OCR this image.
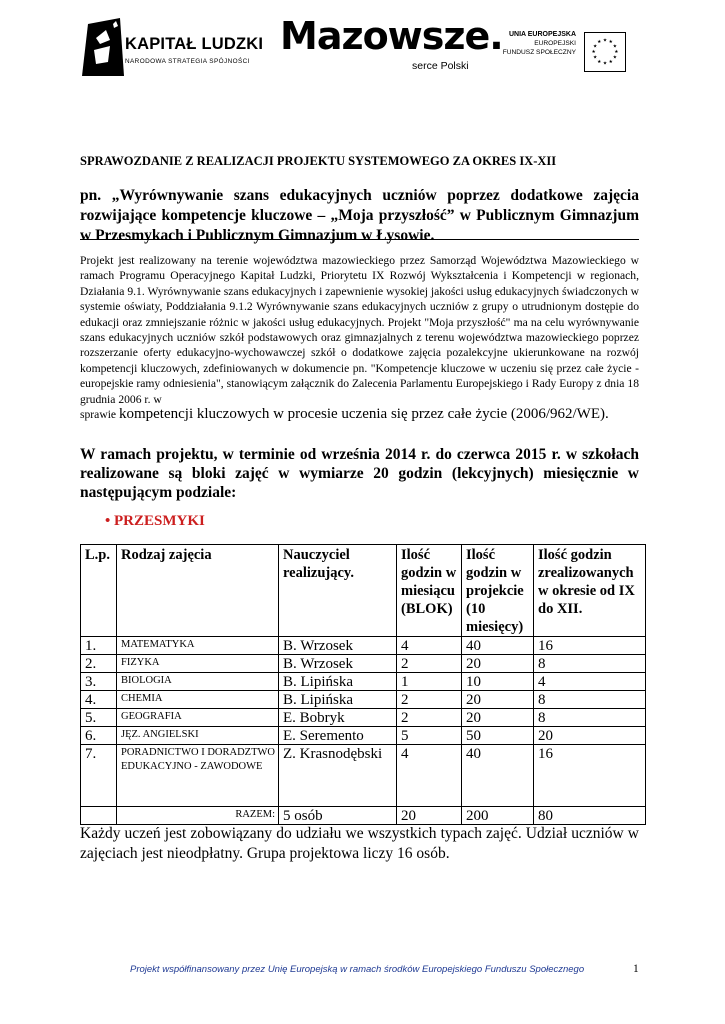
KAPITAŁ LUDZKI
NARODOWA STRATEGIA SPÓJNOŚCI
Mazowsze.
serce Polski
UNIA EUROPEJSKA
EUROPEJSKI
FUNDUSZ SPOŁECZNY
★ ★
★
★
★
★
★
★
★
★
★
★
SPRAWOZDANIE Z REALIZACJI PROJEKTU SYSTEMOWEGO ZA OKRES IX-XII
pn. „Wyrównywanie szans edukacyjnych uczniów poprzez dodatkowe zajęcia rozwijające kompetencje kluczowe – „Moja przyszłość” w Publicznym Gimnazjum w Przesmykach i Publicznym Gimnazjum w Łysowie.
Projekt jest realizowany na terenie województwa mazowieckiego przez Samorząd Województwa Mazowieckiego w ramach Programu Operacyjnego Kapitał Ludzki, Priorytetu IX Rozwój Wykształcenia i Kompetencji w regionach, Działania 9.1. Wyrównywanie szans edukacyjnych i zapewnienie wysokiej jakości usług edukacyjnych świadczonych w systemie oświaty, Poddziałania 9.1.2 Wyrównywanie szans edukacyjnych uczniów z grupy o utrudnionym dostępie do edukacji oraz zmniejszanie różnic w jakości usług edukacyjnych. Projekt "Moja przyszłość" ma na celu wyrównywanie szans edukacyjnych uczniów szkół podstawowych oraz gimnazjalnych z terenu województwa mazowieckiego poprzez rozszerzanie oferty edukacyjno-wychowawczej szkół o dodatkowe zajęcia pozalekcyjne ukierunkowane na rozwój kompetencji kluczowych, zdefiniowanych w dokumencie pn. "Kompetencje kluczowe w uczeniu się przez całe życie - europejskie ramy odniesienia", stanowiącym załącznik do Zalecenia Parlamentu Europejskiego i Rady Europy z dnia 18 grudnia 2006 r. w
sprawie kompetencji kluczowych w procesie uczenia się przez całe życie (2006/962/WE).
W ramach projektu, w terminie od września 2014 r. do czerwca 2015 r. w szkołach realizowane są bloki zajęć w wymiarze 20 godzin (lekcyjnych) miesięcznie w następującym podziale:
• PRZESMYKI
L.p.	Rodzaj zajęcia	Nauczyciel realizujący.	Ilość godzin w miesiącu (BLOK)	Ilość godzin w projekcie (10 miesięcy)	Ilość godzin zrealizowanych w okresie od IX do XII.
1.	MATEMATYKA	B. Wrzosek	4	40	16
2.	FIZYKA	B. Wrzosek	2	20	8
3.	BIOLOGIA	B. Lipińska	1	10	4
4.	CHEMIA	B. Lipińska	2	20	8
5.	GEOGRAFIA	E. Bobryk	2	20	8
6.	JĘZ. ANGIELSKI	E. Seremento	5	50	20
7.	PORADNICTWO I DORADZTWO EDUKACYJNO - ZAWODOWE	Z. Krasnodębski	4	40	16
	RAZEM:	5 osób	20	200	80
Każdy uczeń jest zobowiązany do udziału we wszystkich typach zajęć. Udział uczniów w zajęciach jest nieodpłatny. Grupa projektowa liczy 16 osób.
Projekt współfinansowany przez Unię Europejską w ramach środków Europejskiego Funduszu Społecznego	1
